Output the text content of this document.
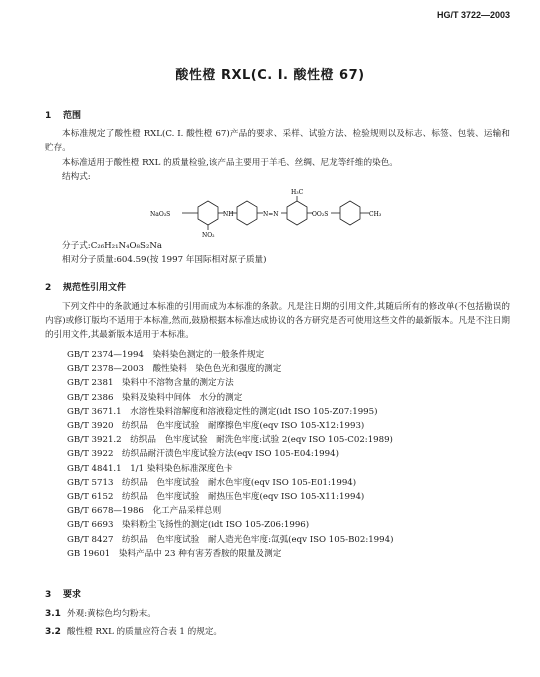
HG/T 3722—2003
酸性橙 RXL(C. I. 酸性橙 67)
1 范围
本标准规定了酸性橙 RXL(C. I. 酸性橙 67)产品的要求、采样、试验方法、检验规则以及标志、标签、包装、运输和贮存。
本标准适用于酸性橙 RXL 的质量检验,该产品主要用于羊毛、丝绸、尼龙等纤维的染色。
结构式:
NaO₃S	NH
NO₂
N=N
H₃C
OO₂S	CH₃
分子式:C₂₆H₂₁N₄O₈S₂Na
相对分子质量:604.59(按 1997 年国际相对原子质量)
2 规范性引用文件
下列文件中的条款通过本标准的引用而成为本标准的条款。凡是注日期的引用文件,其随后所有的修改单(不包括勘误的内容)或修订版均不适用于本标准,然而,鼓励根据本标准达成协议的各方研究是否可使用这些文件的最新版本。凡是不注日期的引用文件,其最新版本适用于本标准。
GB/T 2374—1994　染料染色测定的一般条件规定
GB/T 2378—2003　酸性染料　染色色光和强度的测定
GB/T 2381　染料中不溶物含量的测定方法
GB/T 2386　染料及染料中间体　水分的测定
GB/T 3671.1　水溶性染料溶解度和溶液稳定性的测定(idt ISO 105-Z07:1995)
GB/T 3920　纺织品　色牢度试验　耐摩擦色牢度(eqv ISO 105-X12:1993)
GB/T 3921.2　纺织品　色牢度试验　耐洗色牢度:试验 2(eqv ISO 105-C02:1989)
GB/T 3922　纺织品耐汗渍色牢度试验方法(eqv ISO 105-E04:1994)
GB/T 4841.1　1/1 染料染色标准深度色卡
GB/T 5713　纺织品　色牢度试验　耐水色牢度(eqv ISO 105-E01:1994)
GB/T 6152　纺织品　色牢度试验　耐热压色牢度(eqv ISO 105-X11:1994)
GB/T 6678—1986　化工产品采样总则
GB/T 6693　染料粉尘飞扬性的测定(idt ISO 105-Z06:1996)
GB/T 8427　纺织品　色牢度试验　耐人造光色牢度:氙弧(eqv ISO 105-B02:1994)
GB 19601　染料产品中 23 种有害芳香胺的限量及测定
3 要求
3.1 外观:黄棕色均匀粉末。
3.2 酸性橙 RXL 的质量应符合表 1 的规定。
